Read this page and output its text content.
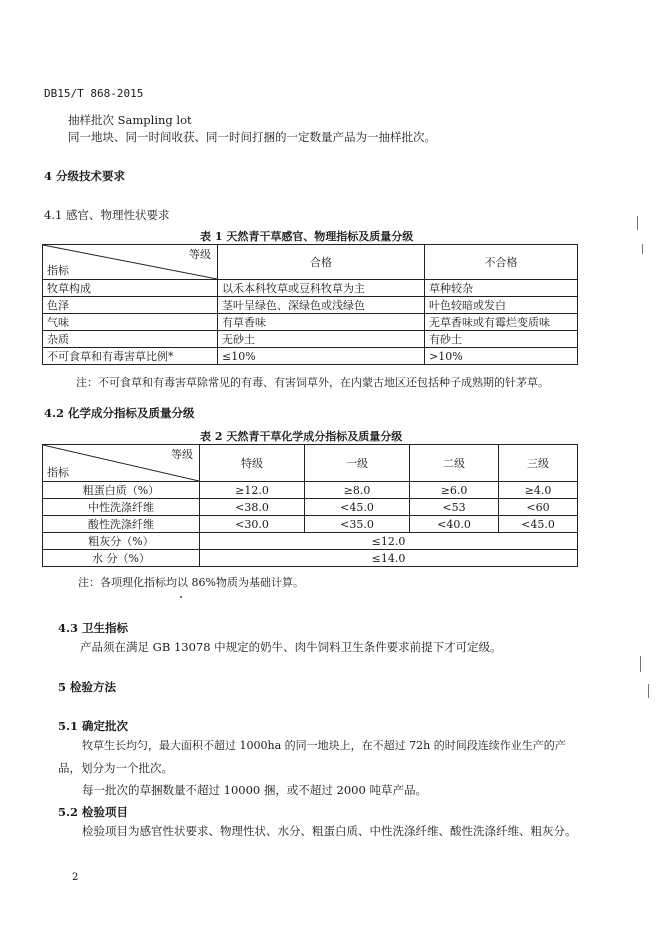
DB15/T 868-2015
抽样批次 Sampling lot
同一地块、同一时间收获、同一时间打捆的一定数量产品为一抽样批次。
4 分级技术要求
4.1 感官、物理性状要求
表 1 天然青干草感官、物理指标及质量分级
等级
指标	合格	不合格
牧草构成	以禾本科牧草或豆科牧草为主	草种较杂
色泽	茎叶呈绿色、深绿色或浅绿色	叶色较暗或发白
气味	有草香味	无草香味或有霉烂变质味
杂质	无砂土	有砂土
不可食草和有毒害草比例*	≤10%	>10%
注：不可食草和有毒害草除常见的有毒、有害饲草外，在内蒙古地区还包括种子成熟期的针茅草。
4.2 化学成分指标及质量分级
表 2 天然青干草化学成分指标及质量分级
等级
指标	特级	一级	二级	三级
粗蛋白质（%）	≥12.0	≥8.0	≥6.0	≥4.0
中性洗涤纤维	<38.0	<45.0	<53	<60
酸性洗涤纤维	<30.0	<35.0	<40.0	<45.0
粗灰分（%）	≤12.0			
水 分（%）	≤14.0			
注：各项理化指标均以 86%物质为基础计算。
4.3 卫生指标
产品须在满足 GB 13078 中规定的奶牛、肉牛饲料卫生条件要求前提下才可定级。
5 检验方法
5.1 确定批次
牧草生长均匀，最大面积不超过 1000ha 的同一地块上，在不超过 72h 的时间段连续作业生产的产
品，划分为一个批次。
每一批次的草捆数量不超过 10000 捆，或不超过 2000 吨草产品。
5.2 检验项目
检验项目为感官性状要求、物理性状、水分、粗蛋白质、中性洗涤纤维、酸性洗涤纤维、粗灰分。
2
